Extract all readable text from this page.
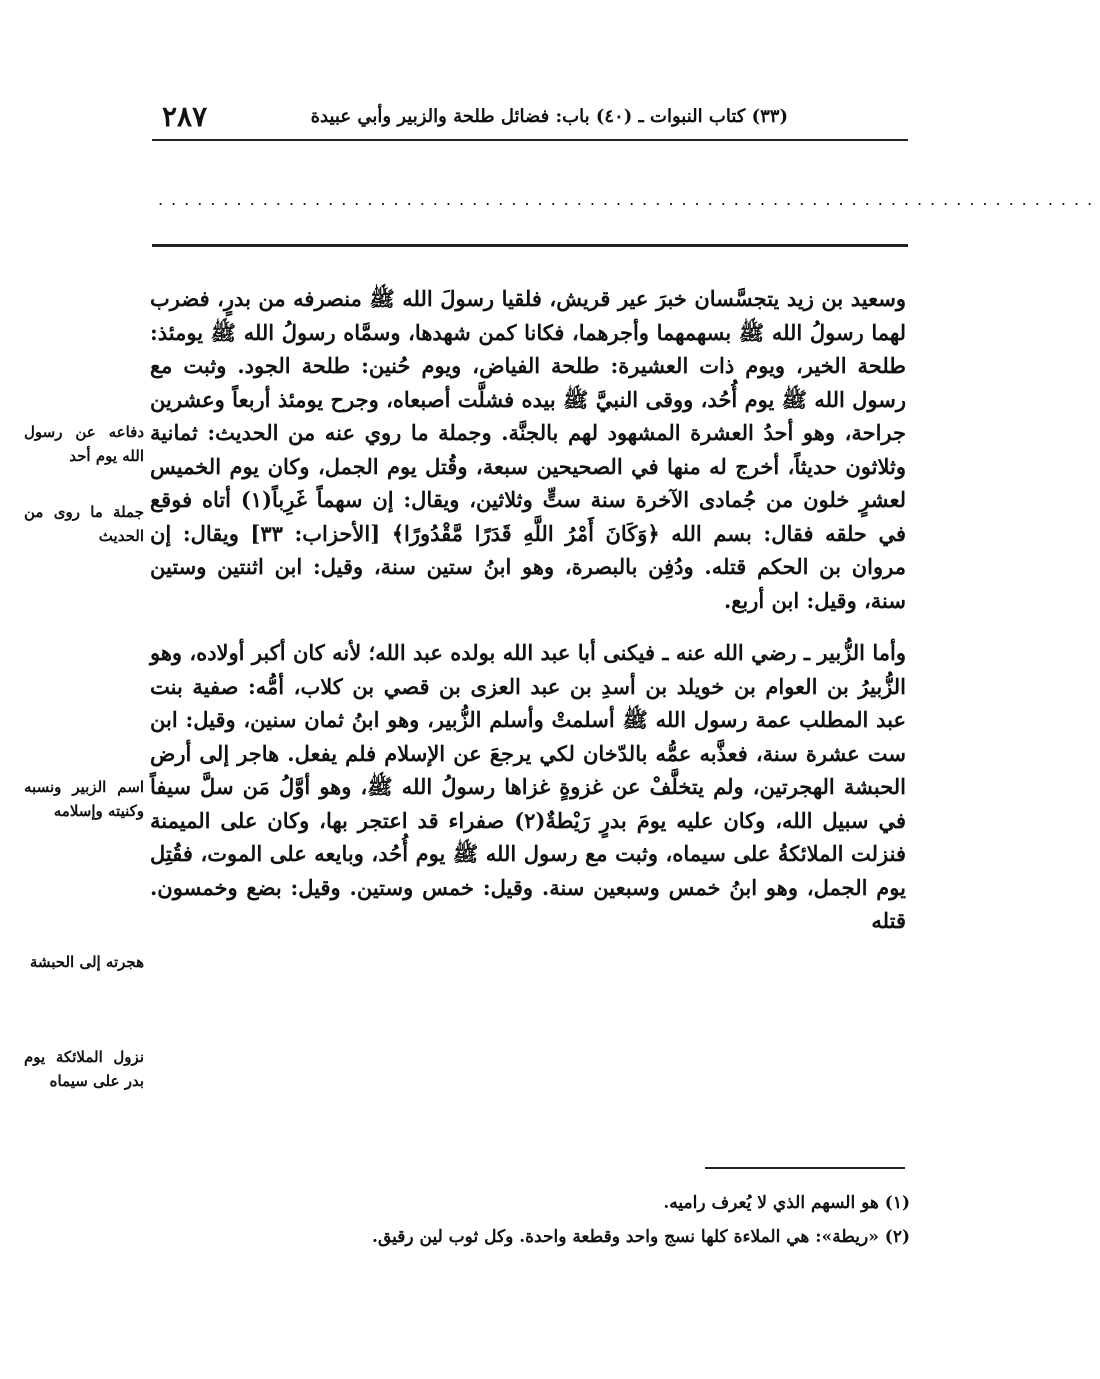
(٣٣) كتاب النبوات ـ (٤٠) باب: فضائل طلحة والزبير وأبي عبيدة
٢٨٧
........................................................................

وسعيد بن زيد يتجسَّسان خبرَ عير قريش، فلقيا رسولَ الله ﷺ منصرفه من بدرٍ، فضرب لهما رسولُ الله ﷺ بسهمهما وأجرهما، فكانا كمن شهدها، وسمَّاه رسولُ الله ﷺ يومئذ: طلحة الخير، ويوم ذات العشيرة: طلحة الفياض، ويوم حُنين: طلحة الجود. وثبت مع رسول الله ﷺ يوم أُحُد، ووقى النبيَّ ﷺ بيده فشلَّت أصبعاه، وجرح يومئذ أربعاً وعشرين جراحة، وهو أحدُ العشرة المشهود لهم بالجنَّة. وجملة ما روي عنه من الحديث: ثمانية وثلاثون حديثاً، أخرج له منها في الصحيحين سبعة، وقُتل يوم الجمل، وكان يوم الخميس لعشرٍ خلون من جُمادى الآخرة سنة ستٍّ وثلاثين، ويقال: إن سهماً غَرِباً(١) أتاه فوقع في حلقه فقال: بسم الله ﴿وَكَانَ أَمْرُ اللَّهِ قَدَرًا مَّقْدُورًا﴾ [الأحزاب: ٣٣] ويقال: إن مروان بن الحكم قتله. ودُفِن بالبصرة، وهو ابنُ ستين سنة، وقيل: ابن اثنتين وستين سنة، وقيل: ابن أربع.

وأما الزُّبير ـ رضي الله عنه ـ فيكنى أبا عبد الله بولده عبد الله؛ لأنه كان أكبر أولاده، وهو الزُّبيرُ بن العوام بن خويلد بن أسدِ بن عبد العزى بن قصي بن كلاب، أمُّه: صفية بنت عبد المطلب عمة رسول الله ﷺ أسلمتْ وأسلم الزُّبير، وهو ابنُ ثمان سنين، وقيل: ابن ست عشرة سنة، فعذَّبه عمُّه بالدّخان لكي يرجعَ عن الإسلام فلم يفعل. هاجر إلى أرض الحبشة الهجرتين، ولم يتخلَّفْ عن غزوةٍ غزاها رسولُ الله ﷺ، وهو أوَّلُ مَن سلَّ سيفاً في سبيل الله، وكان عليه يومَ بدرٍ رَيْطةٌ(٢) صفراء قد اعتجر بها، وكان على الميمنة فنزلت الملائكةُ على سيماه، وثبت مع رسول الله ﷺ يوم أُحُد، وبايعه على الموت، فقُتِل يوم الجمل، وهو ابنُ خمس وسبعين سنة. وقيل: خمس وستين. وقيل: بضع وخمسون. قتله

دفاعه عن رسول الله يوم أحد
جملة ما روى من الحديث
اسم الزبير ونسبه وكنيته وإسلامه
هجرته إلى الحبشة
نزول الملائكة يوم بدر على سيماه

(١) هو السهم الذي لا يُعرف راميه.

(٢) «ريطة»: هي الملاءة كلها نسج واحد وقطعة واحدة. وكل ثوب لين رقيق.
